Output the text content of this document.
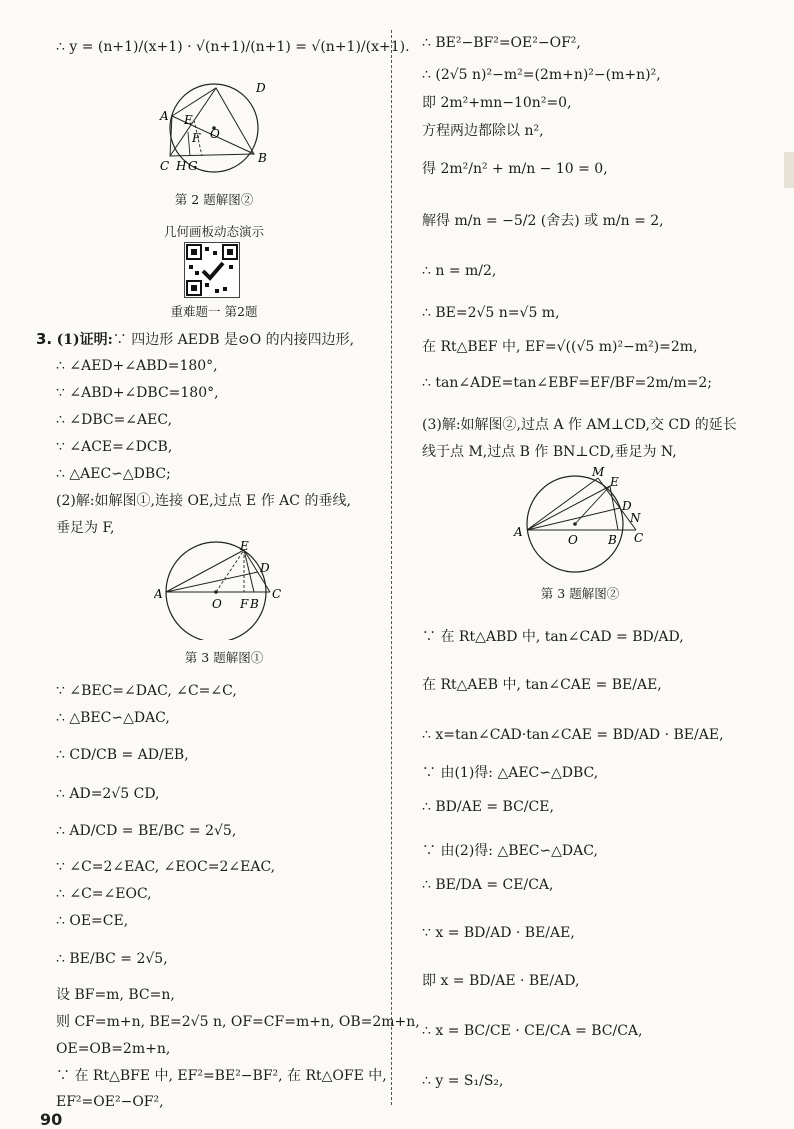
∴ y = (n+1)/(x+1) · √(n+1)/(n+1) = √(n+1)/(x+1).
D
A E
O
F
C H G
B
第 2 题解图②
几何画板动态演示
重难题一 第2题
3. (1)证明:∵ 四边形 AEDB 是⊙O 的内接四边形,
∴ ∠AED+∠ABD=180°,
∵ ∠ABD+∠DBC=180°,
∴ ∠DBC=∠AEC,
∵ ∠ACE=∠DCB,
∴ △AEC∽△DBC;
(2)解:如解图①,连接 OE,过点 E 作 AC 的垂线,
垂足为 F,
E
D
A
O F B
C
第 3 题解图①
∵ ∠BEC=∠DAC, ∠C=∠C,
∴ △BEC∽△DAC,
∴ CD/CB = AD/EB,
∴ AD=2√5 CD,
∴ AD/CD = BE/BC = 2√5,
∵ ∠C=2∠EAC, ∠EOC=2∠EAC,
∴ ∠C=∠EOC,
∴ OE=CE,
∴ BE/BC = 2√5,
设 BF=m, BC=n,
则 CF=m+n, BE=2√5 n, OF=CF=m+n, OB=2m+n,
OE=OB=2m+n,
∵ 在 Rt△BFE 中, EF²=BE²−BF², 在 Rt△OFE 中,
EF²=OE²−OF²,
∴ BE²−BF²=OE²−OF²,
∴ (2√5 n)²−m²=(2m+n)²−(m+n)²,
即 2m²+mn−10n²=0,
方程两边都除以 n²,
得 2m²/n² + m/n − 10 = 0,
解得 m/n = −5/2 (舍去) 或 m/n = 2,
∴ n = m/2,
∴ BE=2√5 n=√5 m,
在 Rt△BEF 中, EF=√((√5 m)²−m²)=2m,
∴ tan∠ADE=tan∠EBF=EF/BF=2m/m=2;
(3)解:如解图②,过点 A 作 AM⊥CD,交 CD 的延长
线于点 M,过点 B 作 BN⊥CD,垂足为 N,
M
E
D
N
A
O	B C
第 3 题解图②
∵ 在 Rt△ABD 中, tan∠CAD = BD/AD,
在 Rt△AEB 中, tan∠CAE = BE/AE,
∴ x=tan∠CAD·tan∠CAE = BD/AD · BE/AE,
∵ 由(1)得: △AEC∽△DBC,
∴ BD/AE = BC/CE,
∵ 由(2)得: △BEC∽△DAC,
∴ BE/DA = CE/CA,
∵ x = BD/AD · BE/AE,
即 x = BD/AE · BE/AD,
∴ x = BC/CE · CE/CA = BC/CA,
∴ y = S₁/S₂,
90
